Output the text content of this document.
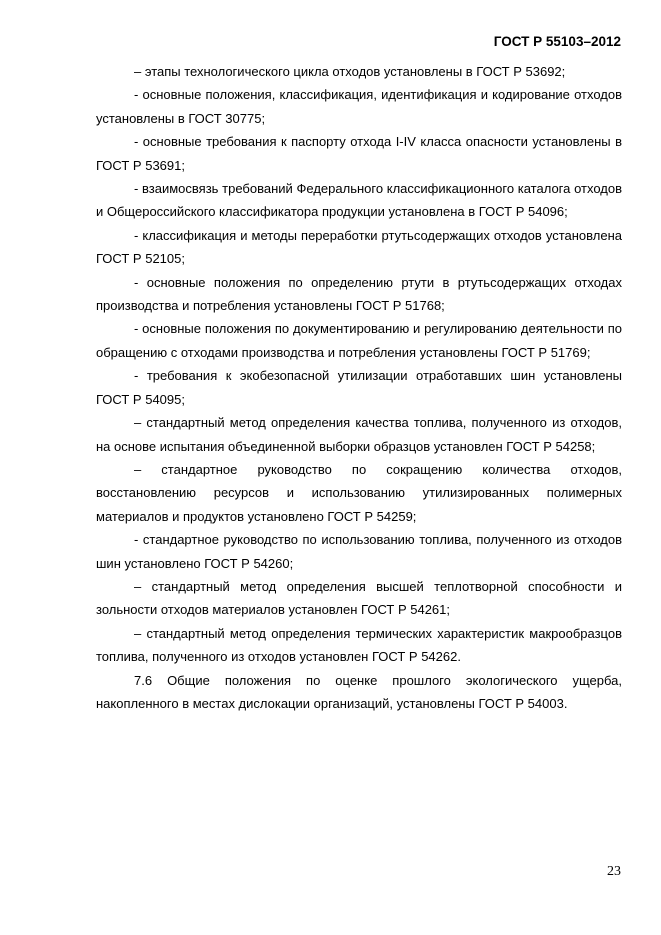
ГОСТ Р 55103–2012

– этапы технологического цикла отходов установлены в ГОСТ Р 53692;

- основные положения, классификация, идентификация и кодирование отходов установлены в ГОСТ 30775;

- основные требования к паспорту отхода I-IV класса опасности установлены в ГОСТ Р 53691;

- взаимосвязь требований Федерального классификационного каталога отходов и Общероссийского классификатора продукции установлена в ГОСТ Р 54096;

- классификация и методы переработки ртутьсодержащих отходов установлена ГОСТ Р 52105;

- основные положения по определению ртути в ртутьсодержащих отходах производства и потребления установлены ГОСТ Р 51768;

- основные положения по документированию и регулированию деятельности по обращению с отходами производства и потребления установлены ГОСТ Р 51769;

- требования к экобезопасной утилизации отработавших шин установлены ГОСТ Р 54095;

– стандартный метод определения качества топлива, полученного из отходов, на основе испытания объединенной выборки образцов установлен ГОСТ Р 54258;

– стандартное руководство по сокращению количества отходов, восстановлению ресурсов и использованию утилизированных полимерных материалов и продуктов установлено ГОСТ Р 54259;

- стандартное руководство по использованию топлива, полученного из отходов шин установлено ГОСТ Р 54260;

– стандартный метод определения высшей теплотворной способности и зольности отходов материалов установлен ГОСТ Р 54261;

– стандартный метод определения термических характеристик макрообразцов топлива, полученного из отходов установлен ГОСТ Р 54262.

7.6 Общие положения по оценке прошлого экологического ущерба, накопленного в местах дислокации организаций, установлены ГОСТ Р 54003.

23
